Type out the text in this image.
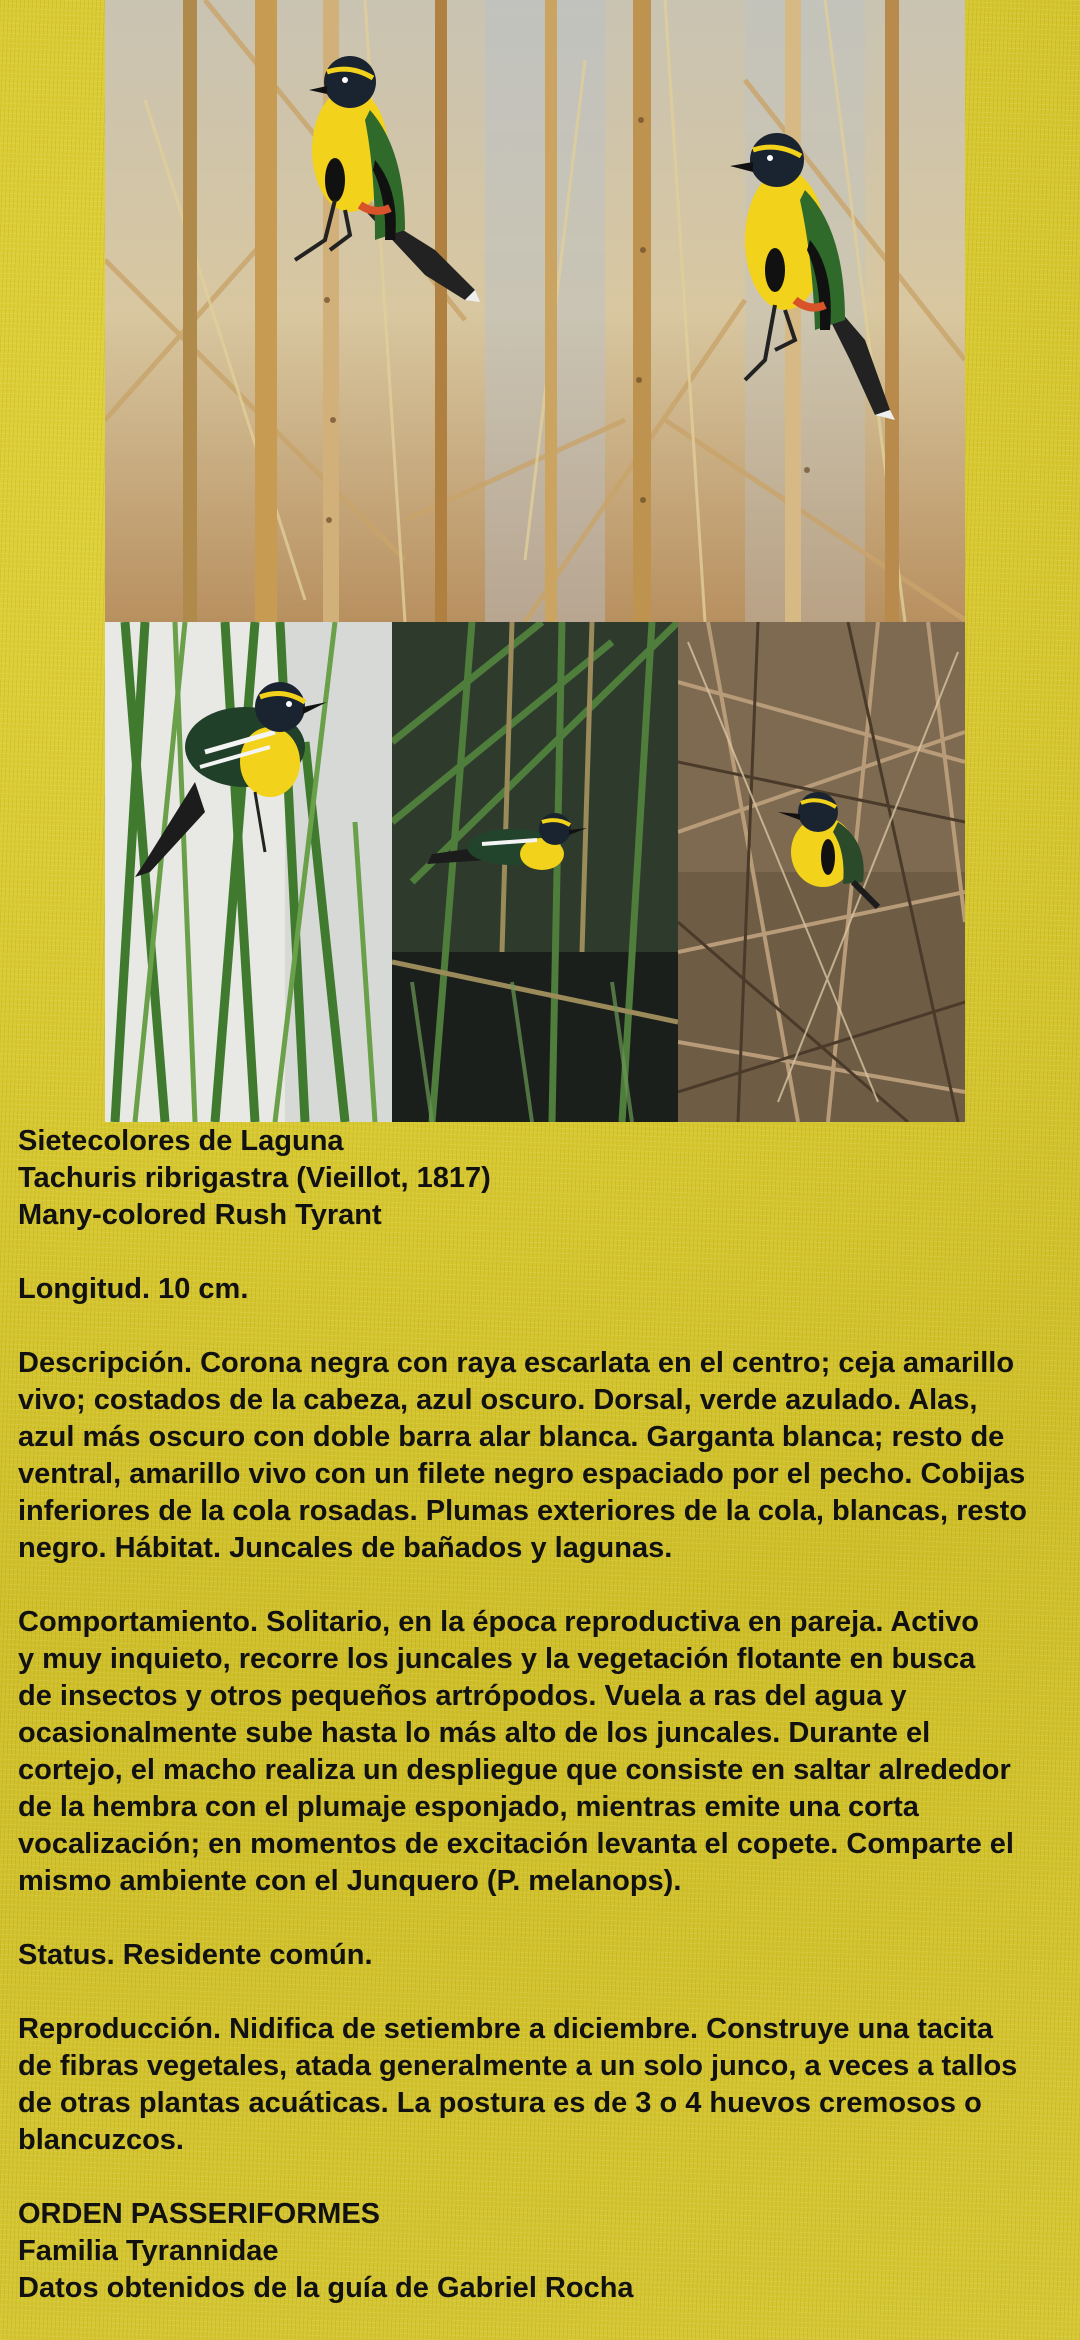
Sietecolores de Laguna

Tachuris ribrigastra (Vieillot, 1817)

Many-colored Rush Tyrant

Longitud. 10 cm.

Descripción. Corona negra con raya escarlata en el centro; ceja amarillo

vivo; costados de la cabeza, azul oscuro. Dorsal, verde azulado. Alas,

azul más oscuro con doble barra alar blanca. Garganta blanca; resto de

ventral, amarillo vivo con un filete negro espaciado por el pecho. Cobijas

inferiores de la cola rosadas. Plumas exteriores de la cola, blancas, resto

negro. Hábitat. Juncales de bañados y lagunas.

Comportamiento. Solitario, en la época reproductiva en pareja. Activo

y muy inquieto, recorre los juncales y la vegetación flotante en busca

de insectos y otros pequeños artrópodos. Vuela a ras del agua y

ocasionalmente sube hasta lo más alto de los juncales. Durante el

cortejo, el macho realiza un despliegue que consiste en saltar alrededor

de la hembra con el plumaje esponjado, mientras emite una corta

vocalización; en momentos de excitación levanta el copete. Comparte el

mismo ambiente con el Junquero (P. melanops).

Status. Residente común.

Reproducción. Nidifica de setiembre a diciembre. Construye una tacita

de fibras vegetales, atada generalmente a un solo junco, a veces a tallos

de otras plantas acuáticas. La postura es de 3 o 4 huevos cremosos o

blancuzcos.

ORDEN PASSERIFORMES

Familia Tyrannidae

Datos obtenidos de la guía de Gabriel Rocha
